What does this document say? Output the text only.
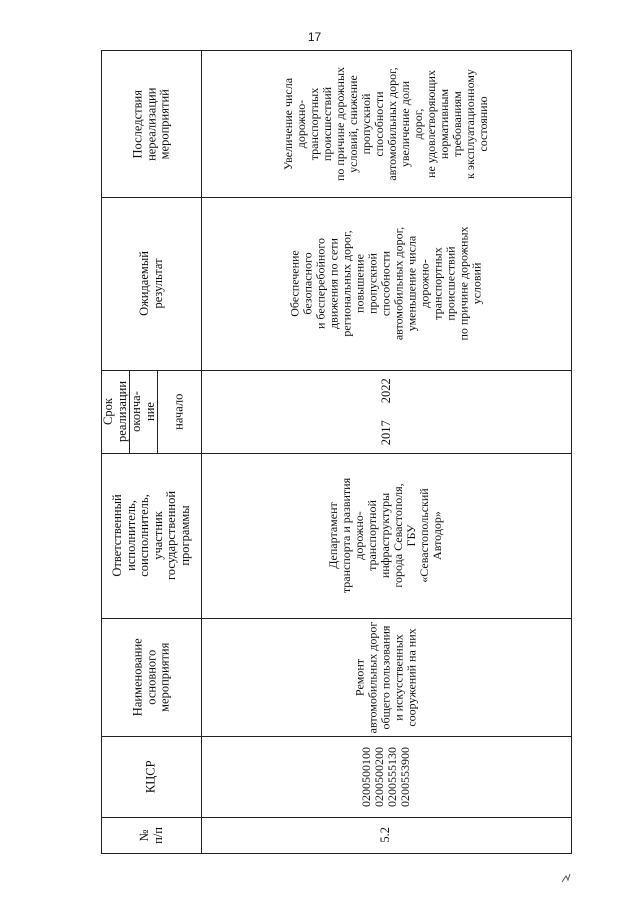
17
Последствия
нереализации
мероприятий
Ожидаемый результат
Срок
реализации оконча-
ние начало
Ответственный
исполнитель,
соисполнитель,
участник
государственной
программы
Наименование
основного
мероприятия
КЦСР
№
п/п
Увеличение числа
дорожно-
транспортных
происшествий
по причине дорожных
условий, снижение
пропускной
способности
автомобильных дорог,
увеличение доли
дорог,
не удовлетворяющих
нормативным
требованиям
к эксплуатационному
состоянию
Обеспечение
безопасного
и бесперебойного
движения по сети
региональных дорог,
повышение
пропускной
способности
автомобильных дорог,
уменьшение числа
дорожно-
транспортных
происшествий
по причине дорожных
условий
2022
2017
Департамент
транспорта и развития
дорожно-
транспортной
инфраструктуры
города Севастополя,
ГБУ
«Севастопольский
Автодор»
Ремонт
автомобильных дорог
общего пользования
и искусственных
сооружений на них
0200500100
0200500200
0200555130
0200553900
5.2
